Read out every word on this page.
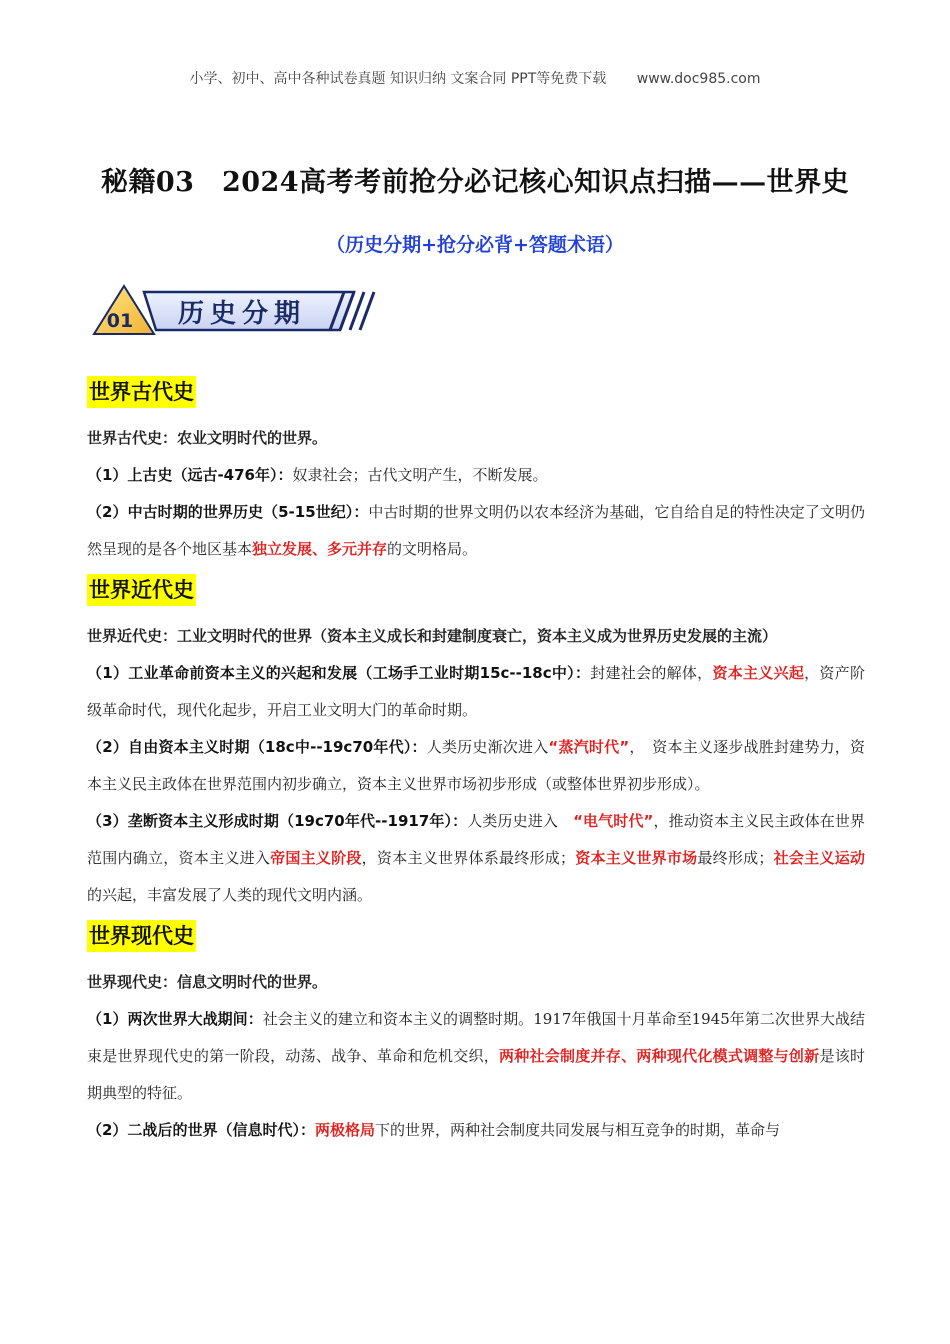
小学、初中、高中各种试卷真题 知识归纳 文案合同 PPT等免费下载 www.doc985.com
秘籍03　2024高考考前抢分必记核心知识点扫描——世界史
（历史分期+抢分必背+答题术语）
01 历史分期
世界古代史

世界古代史：农业文明时代的世界。

（1）上古史（远古-476年）：奴隶社会；古代文明产生，不断发展。

（2）中古时期的世界历史（5-15世纪）：中古时期的世界文明仍以农本经济为基础，它自给自足的特性决定了文明仍然呈现的是各个地区基本独立发展、多元并存的文明格局。

世界近代史

世界近代史：工业文明时代的世界（资本主义成长和封建制度衰亡，资本主义成为世界历史发展的主流）

（1）工业革命前资本主义的兴起和发展（工场手工业时期15c--18c中）：封建社会的解体，资本主义兴起，资产阶级革命时代，现代化起步，开启工业文明大门的革命时期。

（2）自由资本主义时期（18c中--19c70年代）：人类历史渐次进入“蒸汽时代”，　资本主义逐步战胜封建势力，资本主义民主政体在世界范围内初步确立，资本主义世界市场初步形成（或整体世界初步形成）。

（3）垄断资本主义形成时期（19c70年代--1917年）：人类历史进入　“电气时代”，推动资本主义民主政体在世界范围内确立，资本主义进入帝国主义阶段，资本主义世界体系最终形成；资本主义世界市场最终形成；社会主义运动的兴起，丰富发展了人类的现代文明内涵。

世界现代史

世界现代史：信息文明时代的世界。

（1）两次世界大战期间：社会主义的建立和资本主义的调整时期。1917年俄国十月革命至1945年第二次世界大战结束是世界现代史的第一阶段，动荡、战争、革命和危机交织，两种社会制度并存、两种现代化模式调整与创新是该时期典型的特征。

（2）二战后的世界（信息时代）：两极格局下的世界，两种社会制度共同发展与相互竞争的时期，革命与
